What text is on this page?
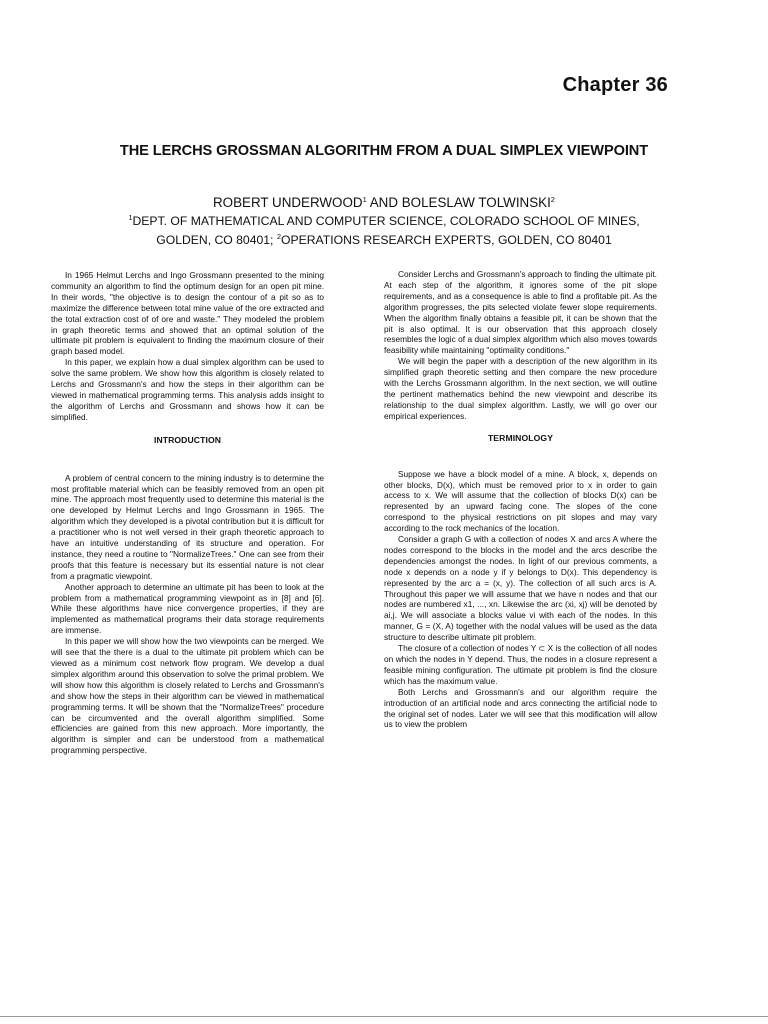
Chapter 36
THE LERCHS GROSSMAN ALGORITHM FROM A DUAL SIMPLEX VIEWPOINT
ROBERT UNDERWOOD$^1$ AND BOLESLAW TOLWINSKI$^2$
$^1$DEPT. OF MATHEMATICAL AND COMPUTER SCIENCE, COLORADO SCHOOL OF MINES,
GOLDEN, CO 80401; $^2$OPERATIONS RESEARCH EXPERTS, GOLDEN, CO 80401

In 1965 Helmut Lerchs and Ingo Grossmann presented to the mining community an algorithm to find the optimum design for an open pit mine. In their words, "the objective is to design the contour of a pit so as to maximize the difference between total mine value of the ore extracted and the total extraction cost of of ore and waste." They modeled the problem in graph theoretic terms and showed that an optimal solution of the ultimate pit problem is equivalent to finding the maximum closure of their graph based model.

In this paper, we explain how a dual simplex algorithm can be used to solve the same problem. We show how this algorithm is closely related to Lerchs and Grossmann's and how the steps in their algorithm can be viewed in mathematical programming terms. This analysis adds insight to the algorithm of Lerchs and Grossmann and shows how it can be simplified.

INTRODUCTION

A problem of central concern to the mining industry is to determine the most profitable material which can be feasibly removed from an open pit mine. The approach most frequently used to determine this material is the one developed by Helmut Lerchs and Ingo Grossmann in 1965. The algorithm which they developed is a pivotal contribution but it is difficult for a practitioner who is not well versed in their graph theoretic approach to have an intuitive understanding of its structure and operation. For instance, they need a routine to "NormalizeTrees." One can see from their proofs that this feature is necessary but its essential nature is not clear from a pragmatic viewpoint.

Another approach to determine an ultimate pit has been to look at the problem from a mathematical programming viewpoint as in [8] and [6]. While these algorithms have nice convergence properties, if they are implemented as mathematical programs their data storage requirements are immense.

In this paper we will show how the two viewpoints can be merged. We will see that the there is a dual to the ultimate pit problem which can be viewed as a minimum cost network flow program. We develop a dual simplex algorithm around this observation to solve the primal problem. We will show how this algorithm is closely related to Lerchs and Grossmann's and show how the steps in their algorithm can be viewed in mathematical programming terms. It will be shown that the "NormalizeTrees" procedure can be circumvented and the overall algorithm simplified. Some efficiencies are gained from this new approach. More importantly, the algorithm is simpler and can be understood from a mathematical programming perspective.

Consider Lerchs and Grossmann's approach to finding the ultimate pit. At each step of the algorithm, it ignores some of the pit slope requirements, and as a consequence is able to find a profitable pit. As the algorithm progresses, the pits selected violate fewer slope requirements. When the algorithm finally obtains a feasible pit, it can be shown that the pit is also optimal. It is our observation that this approach closely resembles the logic of a dual simplex algorithm which also moves towards feasibility while maintaining "optimality conditions."

We will begin the paper with a description of the new algorithm in its simplified graph theoretic setting and then compare the new procedure with the Lerchs Grossmann algorithm. In the next section, we will outline the pertinent mathematics behind the new viewpoint and describe its relationship to the dual simplex algorithm. Lastly, we will go over our empirical experiences.

TERMINOLOGY

Suppose we have a block model of a mine. A block, x, depends on other blocks, D(x), which must be removed prior to x in order to gain access to x. We will assume that the collection of blocks D(x) can be represented by an upward facing cone. The slopes of the cone correspond to the physical restrictions on pit slopes and may vary according to the rock mechanics of the location.

Consider a graph G with a collection of nodes X and arcs A where the nodes correspond to the blocks in the model and the arcs describe the dependencies amongst the nodes. In light of our previous comments, a node x depends on a node y if y belongs to D(x). This dependency is represented by the arc a = (x, y). The collection of all such arcs is A. Throughout this paper we will assume that we have n nodes and that our nodes are numbered x1, ..., xn. Likewise the arc (xi, xj) will be denoted by ai,j. We will associate a blocks value vi with each of the nodes. In this manner, G = (X, A) together with the nodal values will be used as the data structure to describe ultimate pit problem.

The closure of a collection of nodes Y ⊂ X is the collection of all nodes on which the nodes in Y depend. Thus, the nodes in a closure represent a feasible mining configuration. The ultimate pit problem is find the closure which has the maximum value.

Both Lerchs and Grossmann's and our algorithm require the introduction of an artificial node and arcs connecting the artificial node to the original set of nodes. Later we will see that this modification will allow us to view the problem
